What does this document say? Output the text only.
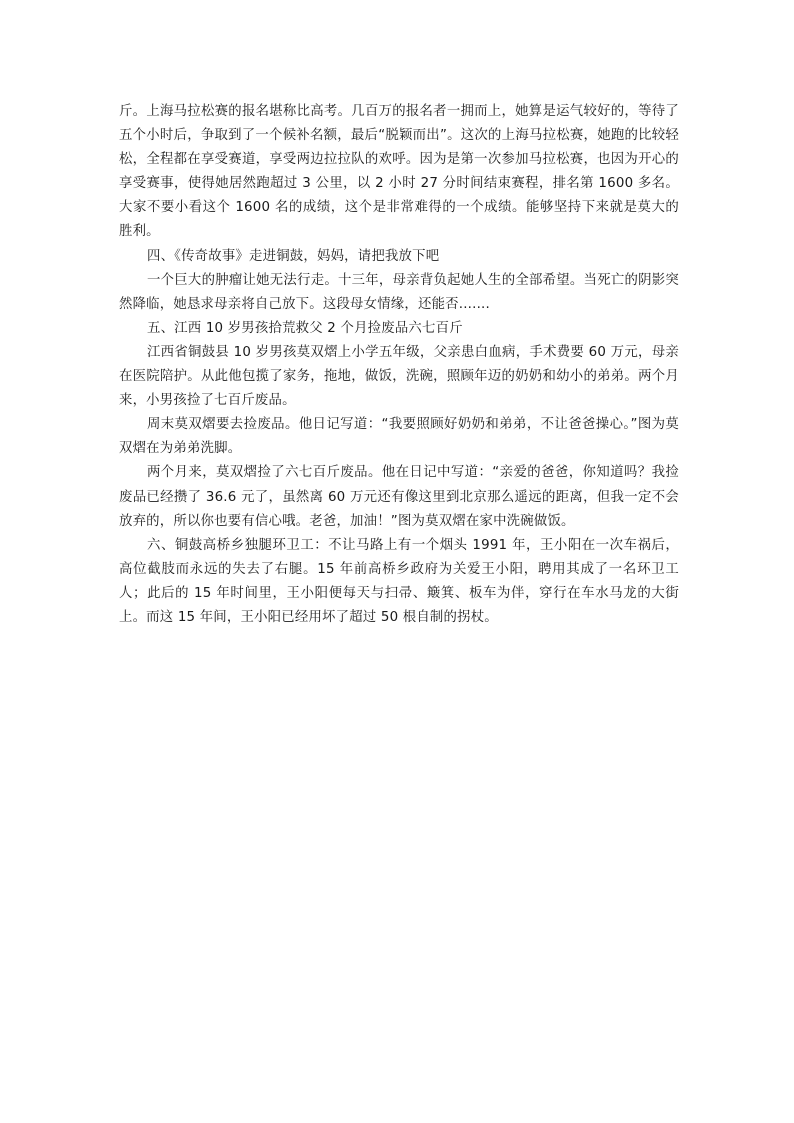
斤。上海马拉松赛的报名堪称比高考。几百万的报名者一拥而上，她算是运气较好的，等待了五个小时后，争取到了一个候补名额，最后“脱颖而出”。这次的上海马拉松赛，她跑的比较轻松，全程都在享受赛道，享受两边拉拉队的欢呼。因为是第一次参加马拉松赛，也因为开心的享受赛事，使得她居然跑超过 3 公里，以 2 小时 27 分时间结束赛程，排名第 1600 多名。大家不要小看这个 1600 名的成绩，这个是非常难得的一个成绩。能够坚持下来就是莫大的胜利。

四、《传奇故事》走进铜鼓，妈妈，请把我放下吧

一个巨大的肿瘤让她无法行走。十三年，母亲背负起她人生的全部希望。当死亡的阴影突然降临，她恳求母亲将自己放下。这段母女情缘，还能否.......

五、江西 10 岁男孩拾荒救父 2 个月捡废品六七百斤

江西省铜鼓县 10 岁男孩莫双熠上小学五年级，父亲患白血病，手术费要 60 万元，母亲在医院陪护。从此他包揽了家务，拖地，做饭，洗碗，照顾年迈的奶奶和幼小的弟弟。两个月来，小男孩捡了七百斤废品。

周末莫双熠要去捡废品。他日记写道：“我要照顾好奶奶和弟弟，不让爸爸操心。”图为莫双熠在为弟弟洗脚。

两个月来，莫双熠捡了六七百斤废品。他在日记中写道：“亲爱的爸爸，你知道吗？我捡废品已经攒了 36.6 元了，虽然离 60 万元还有像这里到北京那么遥远的距离，但我一定不会放弃的，所以你也要有信心哦。老爸，加油！”图为莫双熠在家中洗碗做饭。

六、铜鼓高桥乡独腿环卫工：不让马路上有一个烟头 1991 年，王小阳在一次车祸后，高位截肢而永远的失去了右腿。15 年前高桥乡政府为关爱王小阳，聘用其成了一名环卫工人；此后的 15 年时间里，王小阳便每天与扫帚、簸箕、板车为伴，穿行在车水马龙的大街上。而这 15 年间，王小阳已经用坏了超过 50 根自制的拐杖。
